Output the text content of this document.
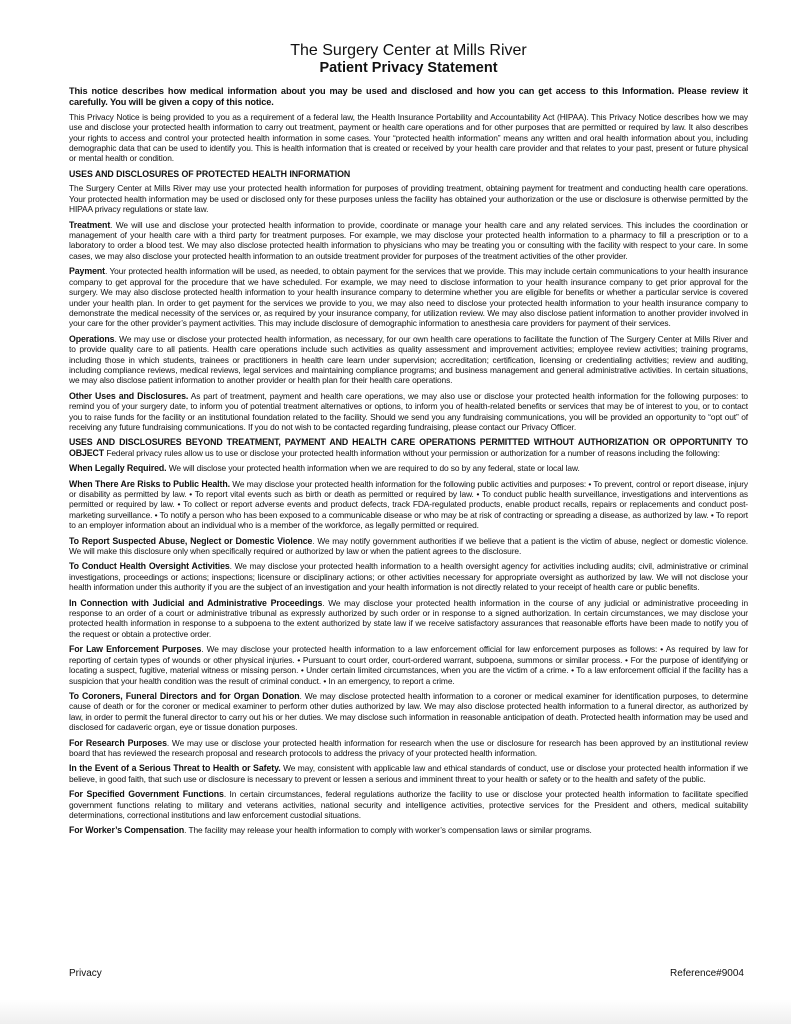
The Surgery Center at Mills River
Patient Privacy Statement

This notice describes how medical information about you may be used and disclosed and how you can get access to this Information. Please review it carefully. You will be given a copy of this notice.

This Privacy Notice is being provided to you as a requirement of a federal law, the Health Insurance Portability and Accountability Act (HIPAA). This Privacy Notice describes how we may use and disclose your protected health information to carry out treatment, payment or health care operations and for other purposes that are permitted or required by law. It also describes your rights to access and control your protected health information in some cases. Your “protected health information” means any written and oral health information about you, including demographic data that can be used to identify you. This is health information that is created or received by your health care provider and that relates to your past, present or future physical or mental health or condition.

USES AND DISCLOSURES OF PROTECTED HEALTH INFORMATION

The Surgery Center at Mills River may use your protected health information for purposes of providing treatment, obtaining payment for treatment and conducting health care operations. Your protected health information may be used or disclosed only for these purposes unless the facility has obtained your authorization or the use or disclosure is otherwise permitted by the HIPAA privacy regulations or state law.

Treatment. We will use and disclose your protected health information to provide, coordinate or manage your health care and any related services. This includes the coordination or management of your health care with a third party for treatment purposes. For example, we may disclose your protected health information to a pharmacy to fill a prescription or to a laboratory to order a blood test. We may also disclose protected health information to physicians who may be treating you or consulting with the facility with respect to your care. In some cases, we may also disclose your protected health information to an outside treatment provider for purposes of the treatment activities of the other provider.

Payment. Your protected health information will be used, as needed, to obtain payment for the services that we provide. This may include certain communications to your health insurance company to get approval for the procedure that we have scheduled. For example, we may need to disclose information to your health insurance company to get prior approval for the surgery. We may also disclose protected health information to your health insurance company to determine whether you are eligible for benefits or whether a particular service is covered under your health plan. In order to get payment for the services we provide to you, we may also need to disclose your protected health information to your health insurance company to demonstrate the medical necessity of the services or, as required by your insurance company, for utilization review. We may also disclose patient information to another provider involved in your care for the other provider’s payment activities. This may include disclosure of demographic information to anesthesia care providers for payment of their services.

Operations. We may use or disclose your protected health information, as necessary, for our own health care operations to facilitate the function of The Surgery Center at Mills River and to provide quality care to all patients. Health care operations include such activities as quality assessment and improvement activities; employee review activities; training programs, including those in which students, trainees or practitioners in health care learn under supervision; accreditation; certification, licensing or credentialing activities; review and auditing, including compliance reviews, medical reviews, legal services and maintaining compliance programs; and business management and general administrative activities. In certain situations, we may also disclose patient information to another provider or health plan for their health care operations.

Other Uses and Disclosures. As part of treatment, payment and health care operations, we may also use or disclose your protected health information for the following purposes: to remind you of your surgery date, to inform you of potential treatment alternatives or options, to inform you of health-related benefits or services that may be of interest to you, or to contact you to raise funds for the facility or an institutional foundation related to the facility. Should we send you any fundraising communications, you will be provided an opportunity to “opt out” of receiving any future fundraising communications. If you do not wish to be contacted regarding fundraising, please contact our Privacy Officer.

USES AND DISCLOSURES BEYOND TREATMENT, PAYMENT AND HEALTH CARE OPERATIONS PERMITTED WITHOUT AUTHORIZATION OR OPPORTUNITY TO OBJECT Federal privacy rules allow us to use or disclose your protected health information without your permission or authorization for a number of reasons including the following:

When Legally Required. We will disclose your protected health information when we are required to do so by any federal, state or local law.

When There Are Risks to Public Health. We may disclose your protected health information for the following public activities and purposes: • To prevent, control or report disease, injury or disability as permitted by law. • To report vital events such as birth or death as permitted or required by law. • To conduct public health surveillance, investigations and interventions as permitted or required by law. • To collect or report adverse events and product defects, track FDA-regulated products, enable product recalls, repairs or replacements and conduct post-marketing surveillance. • To notify a person who has been exposed to a communicable disease or who may be at risk of contracting or spreading a disease, as authorized by law. • To report to an employer information about an individual who is a member of the workforce, as legally permitted or required.

To Report Suspected Abuse, Neglect or Domestic Violence. We may notify government authorities if we believe that a patient is the victim of abuse, neglect or domestic violence. We will make this disclosure only when specifically required or authorized by law or when the patient agrees to the disclosure.

To Conduct Health Oversight Activities. We may disclose your protected health information to a health oversight agency for activities including audits; civil, administrative or criminal investigations, proceedings or actions; inspections; licensure or disciplinary actions; or other activities necessary for appropriate oversight as authorized by law. We will not disclose your health information under this authority if you are the subject of an investigation and your health information is not directly related to your receipt of health care or public benefits.

In Connection with Judicial and Administrative Proceedings. We may disclose your protected health information in the course of any judicial or administrative proceeding in response to an order of a court or administrative tribunal as expressly authorized by such order or in response to a signed authorization. In certain circumstances, we may disclose your protected health information in response to a subpoena to the extent authorized by state law if we receive satisfactory assurances that reasonable efforts have been made to notify you of the request or obtain a protective order.

For Law Enforcement Purposes. We may disclose your protected health information to a law enforcement official for law enforcement purposes as follows: • As required by law for reporting of certain types of wounds or other physical injuries. • Pursuant to court order, court-ordered warrant, subpoena, summons or similar process. • For the purpose of identifying or locating a suspect, fugitive, material witness or missing person. • Under certain limited circumstances, when you are the victim of a crime. • To a law enforcement official if the facility has a suspicion that your health condition was the result of criminal conduct. • In an emergency, to report a crime.

To Coroners, Funeral Directors and for Organ Donation. We may disclose protected health information to a coroner or medical examiner for identification purposes, to determine cause of death or for the coroner or medical examiner to perform other duties authorized by law. We may also disclose protected health information to a funeral director, as authorized by law, in order to permit the funeral director to carry out his or her duties. We may disclose such information in reasonable anticipation of death. Protected health information may be used and disclosed for cadaveric organ, eye or tissue donation purposes.

For Research Purposes. We may use or disclose your protected health information for research when the use or disclosure for research has been approved by an institutional review board that has reviewed the research proposal and research protocols to address the privacy of your protected health information.

In the Event of a Serious Threat to Health or Safety. We may, consistent with applicable law and ethical standards of conduct, use or disclose your protected health information if we believe, in good faith, that such use or disclosure is necessary to prevent or lessen a serious and imminent threat to your health or safety or to the health and safety of the public.

For Specified Government Functions. In certain circumstances, federal regulations authorize the facility to use or disclose your protected health information to facilitate specified government functions relating to military and veterans activities, national security and intelligence activities, protective services for the President and others, medical suitability determinations, correctional institutions and law enforcement custodial situations.

For Worker’s Compensation. The facility may release your health information to comply with worker’s compensation laws or similar programs.

Privacy	Reference#9004
